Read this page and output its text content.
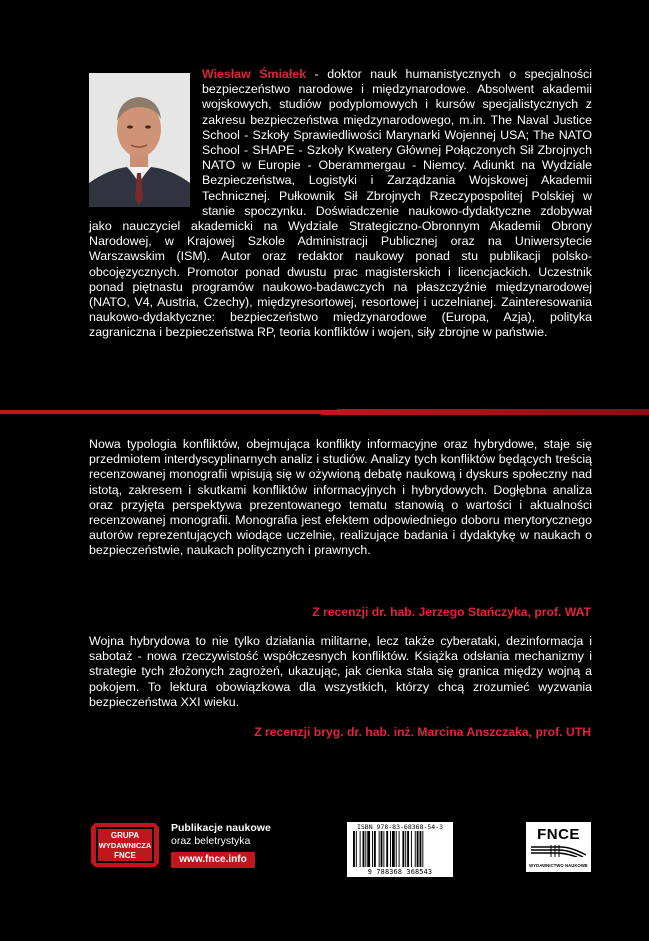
Wiesław Śmiałek - doktor nauk humanistycznych o specjalności bezpieczeństwo narodowe i międzynarodowe. Absolwent akademii wojskowych, studiów podyplomowych i kursów specjalistycznych z zakresu bezpieczeństwa międzynarodowego, m.in. The Naval Justice School - Szkoły Sprawiedliwości Marynarki Wojennej USA; The NATO School - SHAPE - Szkoły Kwatery Głównej Połączonych Sił Zbrojnych NATO w Europie - Oberammergau - Niemcy. Adiunkt na Wydziale Bezpieczeństwa, Logistyki i Zarządzania Wojskowej Akademii Technicznej. Pułkownik Sił Zbrojnych Rzeczypospolitej Polskiej w stanie spoczynku. Doświadczenie naukowo-dydaktyczne zdobywał jako nauczyciel akademicki na Wydziale Strategiczno-Obronnym Akademii Obrony Narodowej, w Krajowej Szkole Administracji Publicznej oraz na Uniwersytecie Warszawskim (ISM). Autor oraz redaktor naukowy ponad stu publikacji polsko-obcojęzycznych. Promotor ponad dwustu prac magisterskich i licencjackich. Uczestnik ponad piętnastu programów naukowo-badawczych na płaszczyźnie międzynarodowej (NATO, V4, Austria, Czechy), międzyresortowej, resortowej i uczelnianej. Zainteresowania naukowo-dydaktyczne: bezpieczeństwo międzynarodowe (Europa, Azja), polityka zagraniczna i bezpieczeństwa RP, teoria konfliktów i wojen, siły zbrojne w państwie.

Nowa typologia konfliktów, obejmująca konflikty informacyjne oraz hybrydowe, staje się przedmiotem interdyscyplinarnych analiz i studiów. Analizy tych konfliktów będących treścią recenzowanej monografii wpisują się w ożywioną debatę naukową i dyskurs społeczny nad istotą, zakresem i skutkami konfliktów informacyjnych i hybrydowych. Dogłębna analiza oraz przyjęta perspektywa prezentowanego tematu stanowią o wartości i aktualności recenzowanej monografii. Monografia jest efektem odpowiedniego doboru merytorycznego autorów reprezentujących wiodące uczelnie, realizujące badania i dydaktykę w naukach o bezpieczeństwie, naukach politycznych i prawnych.

Z recenzji dr. hab. Jerzego Stańczyka, prof. WAT

Wojna hybrydowa to nie tylko działania militarne, lecz także cyberataki, dezinformacja i sabotaż - nowa rzeczywistość współczesnych konfliktów. Książka odsłania mechanizmy i strategie tych złożonych zagrożeń, ukazując, jak cienka stała się granica między wojną a pokojem. To lektura obowiązkowa dla wszystkich, którzy chcą zrozumieć wyzwania bezpieczeństwa XXI wieku.

Z recenzji bryg. dr. hab. inż. Marcina Anszczaka, prof. UTH

GRUPA
WYDAWNICZA
FNCE
Publikacje naukowe
oraz beletrystyka
www.fnce.info
ISBN 978-83-68368-54-3
9 788368 368543
FNCE
WYDAWNICTWO NAUKOWE
